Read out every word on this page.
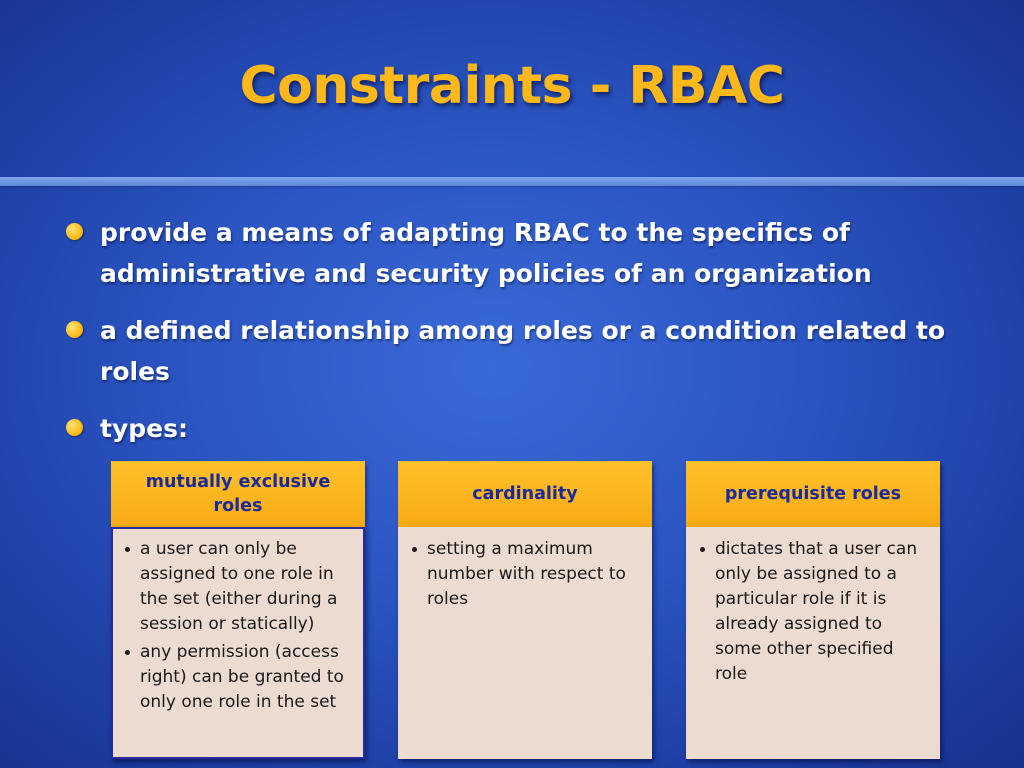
Constraints - RBAC
provide a means of adapting RBAC to the specifics of administrative and security policies of an organization
a defined relationship among roles or a condition related to roles
types:
mutually exclusive roles
a user can only be assigned to one role in the set (either during a session or statically)
any permission (access right) can be granted to only one role in the set
cardinality
setting a maximum number with respect to roles
prerequisite roles
dictates that a user can only be assigned to a particular role if it is already assigned to some other specified role
